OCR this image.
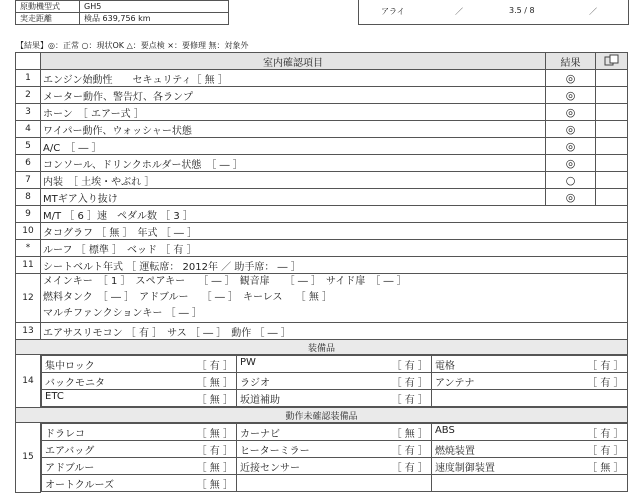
原動機型式	GH5
実走距離	検品 639,756 km
アライ	／	3.5 / 8	／
【結果】◎：正常 ○：現状OK △：要点検 ×：要修理 無：対象外
	室内確認項目	結果	
1	エンジン始動性　　セキュリティ［ 無 ］	◎	
2	メーター動作、警告灯、各ランプ	◎	
3	ホーン　［ エアー式 ］	◎	
4	ワイパー動作、ウォッシャー状態	◎	
5	A/C　［ ― ］	◎	
6	コンソール、ドリンクホルダー状態　［ ― ］	◎	
7	内装　［ 土埃・やぶれ ］	○	
8	MTギア入り抜け	◎	
9	M/T ［ 6 ］速　ペダル数 ［ 3 ］
10	タコグラフ ［ 無 ］　年式 ［ ― ］
*	ルーフ ［ 標準 ］　ベッド ［ 有 ］
11	シートベルト年式 ［ 運転席： 2012年 ／ 助手席： ― ］
12	
メインキー　［ 1 ］　スペアキー　 ［ ― ］　観音扉　　［ ― ］　サイド扉　［ ― ］
燃料タンク　［ ― ］　アドブルー　 ［ ― ］　キーレス　 ［ 無 ］
マルチファンクションキー ［ ― ］

13	エアサスリモコン ［ 有 ］　サス ［ ― ］　動作 ［ ― ］
装備品
14	
集中ロック	［ 有 ］	PW	［ 有 ］	電格	［ 有 ］

バックモニタ	［ 無 ］	ラジオ	［ 有 ］	アンテナ	［ 有 ］

ETC	［ 無 ］	坂道補助	［ 有 ］

動作未確認装備品
15	
ドラレコ	［ 無 ］	カーナビ	［ 無 ］	ABS	［ 有 ］

エアバッグ	［ 有 ］	ヒーターミラー	［ 有 ］	燃焼装置	［ 有 ］

アドブルー	［ 無 ］	近接センサー	［ 有 ］	速度制御装置	［ 無 ］

オートクルーズ	［ 無 ］
